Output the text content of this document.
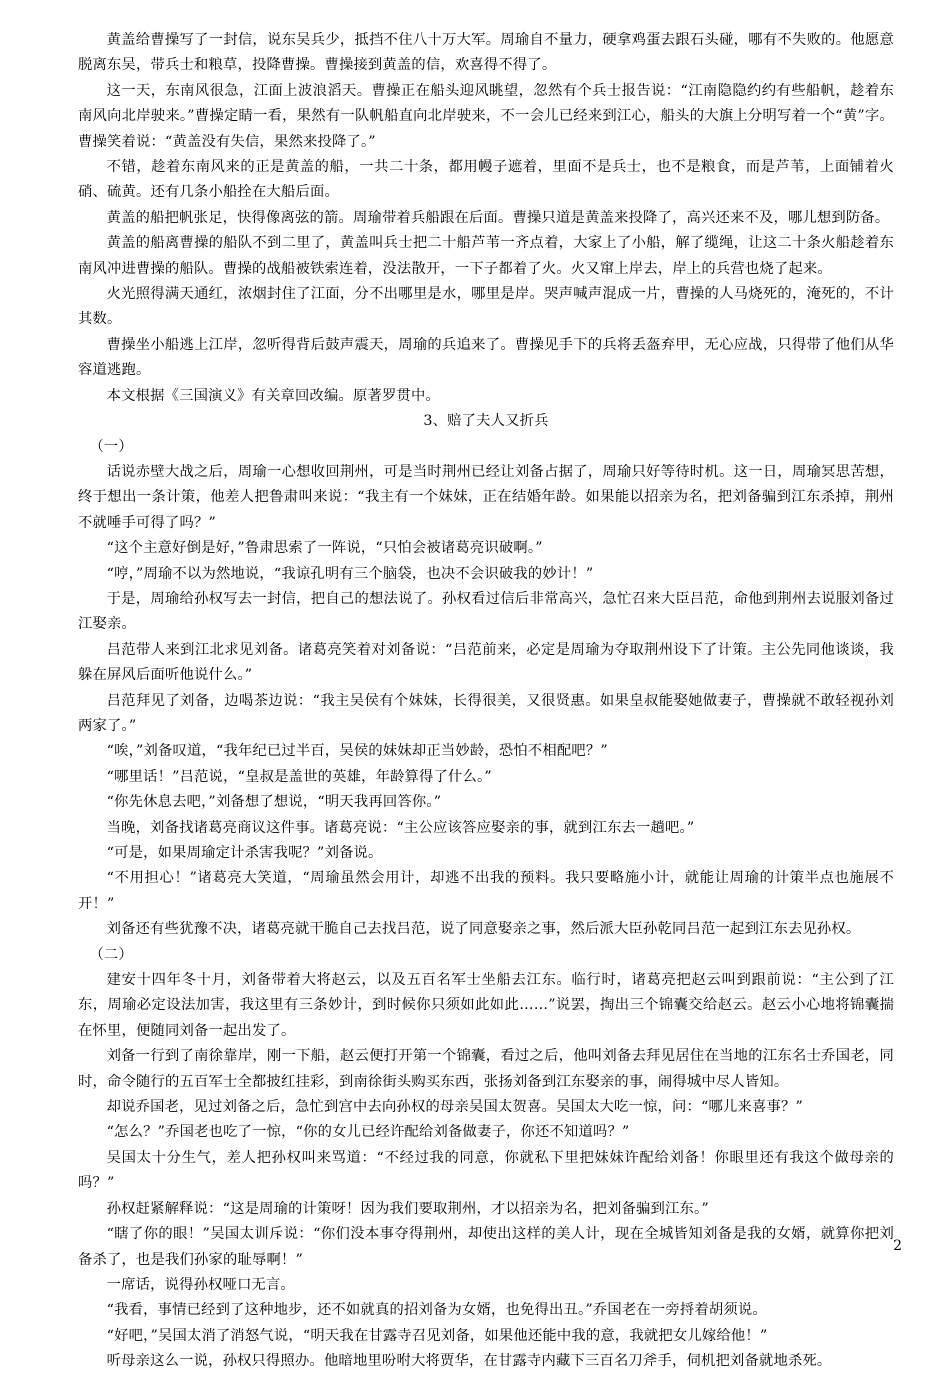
黄盖给曹操写了一封信，说东吴兵少，抵挡不住八十万大军。周瑜自不量力，硬拿鸡蛋去跟石头碰，哪有不失败的。他愿意脱离东吴，带兵士和粮草，投降曹操。曹操接到黄盖的信，欢喜得不得了。

这一天，东南风很急，江面上波浪滔天。曹操正在船头迎风眺望，忽然有个兵士报告说：“江南隐隐约约有些船帆，趁着东南风向北岸驶来。”曹操定睛一看，果然有一队帆船直向北岸驶来，不一会儿已经来到江心，船头的大旗上分明写着一个“黄”字。曹操笑着说：“黄盖没有失信，果然来投降了。”

不错，趁着东南风来的正是黄盖的船，一共二十条，都用幔子遮着，里面不是兵士，也不是粮食，而是芦苇，上面铺着火硝、硫黄。还有几条小船拴在大船后面。

黄盖的船把帆张足，快得像离弦的箭。周瑜带着兵船跟在后面。曹操只道是黄盖来投降了，高兴还来不及，哪儿想到防备。

黄盖的船离曹操的船队不到二里了，黄盖叫兵士把二十船芦苇一齐点着，大家上了小船，解了缆绳，让这二十条火船趁着东南风冲进曹操的船队。曹操的战船被铁索连着，没法散开，一下子都着了火。火又窜上岸去，岸上的兵营也烧了起来。

火光照得满天通红，浓烟封住了江面，分不出哪里是水，哪里是岸。哭声喊声混成一片，曹操的人马烧死的，淹死的，不计其数。

曹操坐小船逃上江岸，忽听得背后鼓声震天，周瑜的兵追来了。曹操见手下的兵将丢盔弃甲，无心应战，只得带了他们从华容道逃跑。

本文根据《三国演义》有关章回改编。原著罗贯中。

3、赔了夫人又折兵

（一）

话说赤壁大战之后，周瑜一心想收回荆州，可是当时荆州已经让刘备占据了，周瑜只好等待时机。这一日，周瑜冥思苦想，终于想出一条计策，他差人把鲁肃叫来说：“我主有一个妹妹，正在结婚年龄。如果能以招亲为名，把刘备骗到江东杀掉，荆州不就唾手可得了吗？”

“这个主意好倒是好，”鲁肃思索了一阵说，“只怕会被诸葛亮识破啊。”

“哼，”周瑜不以为然地说，“我谅孔明有三个脑袋，也决不会识破我的妙计！”

于是，周瑜给孙权写去一封信，把自己的想法说了。孙权看过信后非常高兴，急忙召来大臣吕范，命他到荆州去说服刘备过江娶亲。

吕范带人来到江北求见刘备。诸葛亮笑着对刘备说：“吕范前来，必定是周瑜为夺取荆州设下了计策。主公先同他谈谈，我躲在屏风后面听他说什么。”

吕范拜见了刘备，边喝茶边说：“我主吴侯有个妹妹，长得很美，又很贤惠。如果皇叔能娶她做妻子，曹操就不敢轻视孙刘两家了。”

“唉，”刘备叹道，“我年纪已过半百，吴侯的妹妹却正当妙龄，恐怕不相配吧？”

“哪里话！”吕范说，“皇叔是盖世的英雄，年龄算得了什么。”

“你先休息去吧，”刘备想了想说，“明天我再回答你。”

当晚，刘备找诸葛亮商议这件事。诸葛亮说：“主公应该答应娶亲的事，就到江东去一趟吧。”

“可是，如果周瑜定计杀害我呢？”刘备说。

“不用担心！”诸葛亮大笑道，“周瑜虽然会用计，却逃不出我的预料。我只要略施小计，就能让周瑜的计策半点也施展不开！”

刘备还有些犹豫不决，诸葛亮就干脆自己去找吕范，说了同意娶亲之事，然后派大臣孙乾同吕范一起到江东去见孙权。

（二）

建安十四年冬十月，刘备带着大将赵云，以及五百名军士坐船去江东。临行时，诸葛亮把赵云叫到跟前说：“主公到了江东，周瑜必定设法加害，我这里有三条妙计，到时候你只须如此如此……”说罢，掏出三个锦囊交给赵云。赵云小心地将锦囊揣在怀里，便随同刘备一起出发了。

刘备一行到了南徐靠岸，刚一下船，赵云便打开第一个锦囊，看过之后，他叫刘备去拜见居住在当地的江东名士乔国老，同时，命令随行的五百军士全都披红挂彩，到南徐街头购买东西，张扬刘备到江东娶亲的事，闹得城中尽人皆知。

却说乔国老，见过刘备之后，急忙到宫中去向孙权的母亲吴国太贺喜。吴国太大吃一惊，问：“哪儿来喜事？”

“怎么？”乔国老也吃了一惊，“你的女儿已经许配给刘备做妻子，你还不知道吗？”

吴国太十分生气，差人把孙权叫来骂道：“不经过我的同意，你就私下里把妹妹许配给刘备！你眼里还有我这个做母亲的吗？”

孙权赶紧解释说：“这是周瑜的计策呀！因为我们要取荆州，才以招亲为名，把刘备骗到江东。”

“瞎了你的眼！”吴国太训斥说：“你们没本事夺得荆州，却使出这样的美人计，现在全城皆知刘备是我的女婿，就算你把刘备杀了，也是我们孙家的耻辱啊！”

一席话，说得孙权哑口无言。

“我看，事情已经到了这种地步，还不如就真的招刘备为女婿，也免得出丑。”乔国老在一旁捋着胡须说。

“好吧，”吴国太消了消怒气说，“明天我在甘露寺召见刘备，如果他还能中我的意，我就把女儿嫁给他！”

听母亲这么一说，孙权只得照办。他暗地里吩咐大将贾华，在甘露寺内藏下三百名刀斧手，伺机把刘备就地杀死。

2
